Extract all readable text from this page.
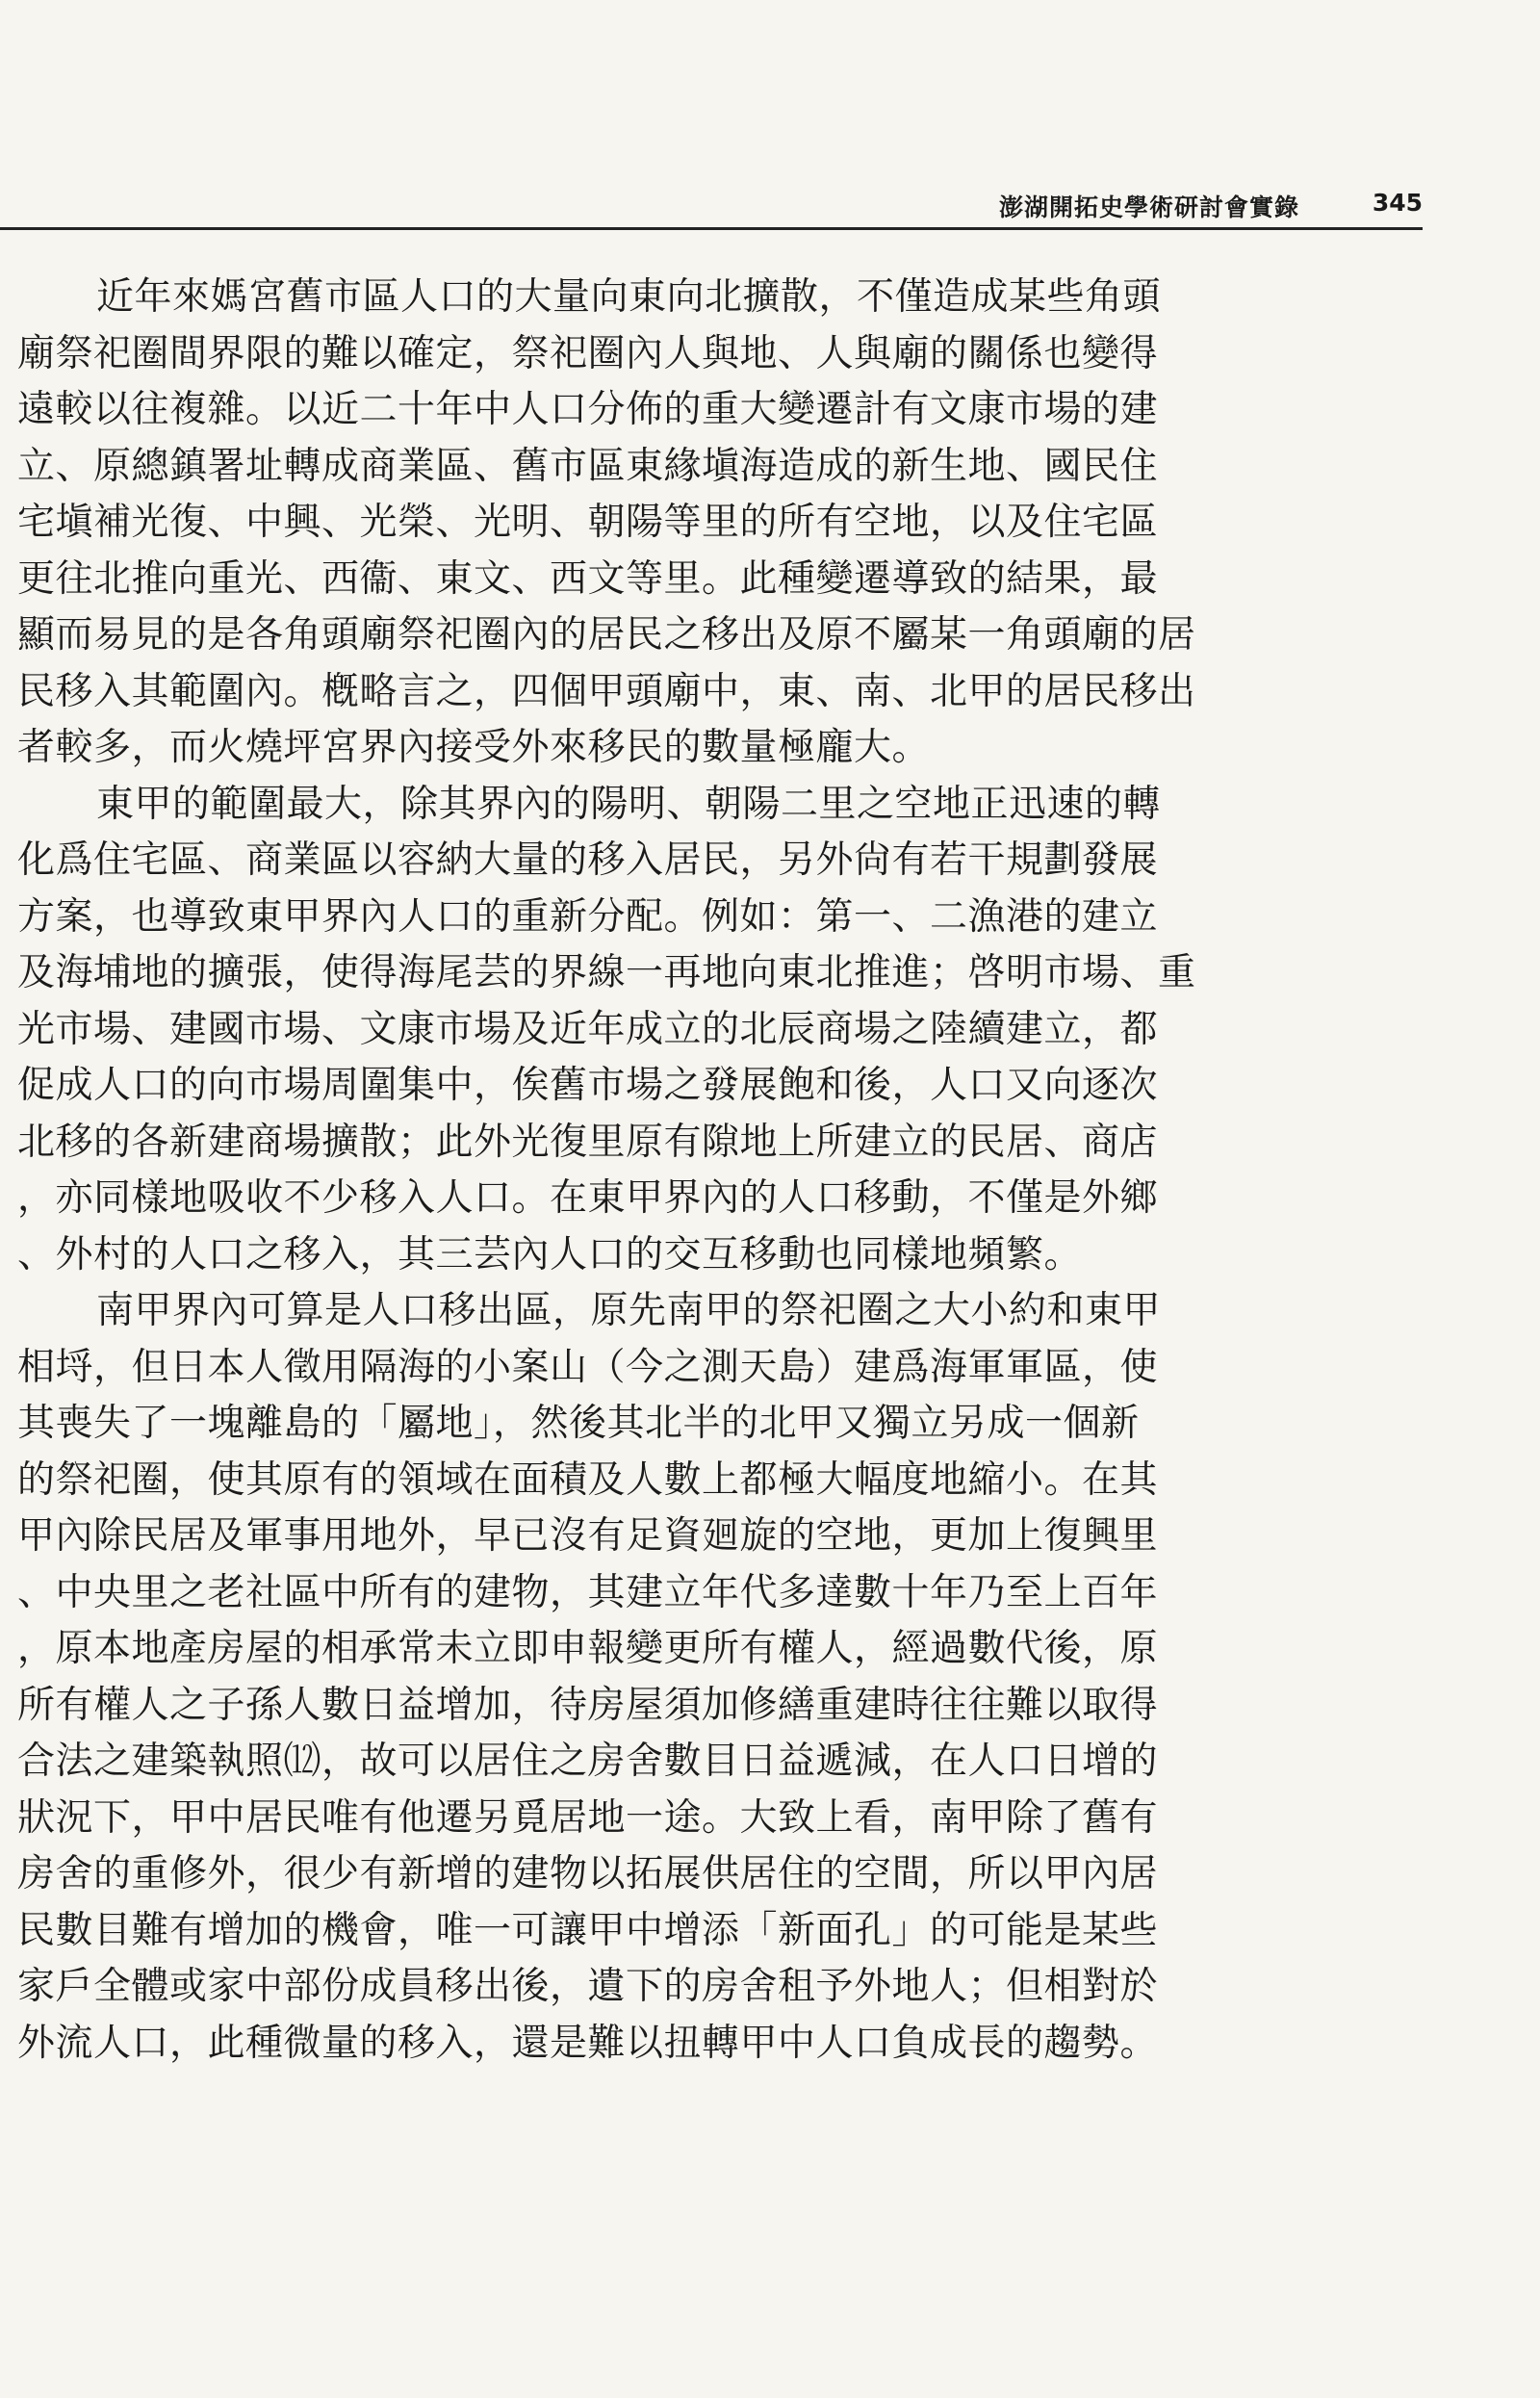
澎湖開拓史學術研討會實錄	345
近年來媽宮舊市區人口的大量向東向北擴散，不僅造成某些角頭
廟祭祀圈間界限的難以確定，祭祀圈內人與地、人與廟的關係也變得
遠較以往複雜。以近二十年中人口分佈的重大變遷計有文康市場的建
立、原總鎮署址轉成商業區、舊市區東緣塡海造成的新生地、國民住
宅塡補光復、中興、光榮、光明、朝陽等里的所有空地，以及住宅區
更往北推向重光、西衞、東文、西文等里。此種變遷導致的結果，最
顯而易見的是各角頭廟祭祀圈內的居民之移出及原不屬某一角頭廟的居
民移入其範圍內。槪略言之，四個甲頭廟中，東、南、北甲的居民移出
者較多，而火燒坪宮界內接受外來移民的數量極龐大。
東甲的範圍最大，除其界內的陽明、朝陽二里之空地正迅速的轉
化爲住宅區、商業區以容納大量的移入居民，另外尙有若干規劃發展
方案，也導致東甲界內人口的重新分配。例如：第一、二漁港的建立
及海埔地的擴張，使得海尾芸的界線一再地向東北推進；啓明市場、重
光市場、建國市場、文康市場及近年成立的北辰商場之陸續建立，都
促成人口的向市場周圍集中，俟舊市場之發展飽和後，人口又向逐次
北移的各新建商場擴散；此外光復里原有隙地上所建立的民居、商店
，亦同樣地吸收不少移入人口。在東甲界內的人口移動，不僅是外鄉
、外村的人口之移入，其三芸內人口的交互移動也同樣地頻繁。
南甲界內可算是人口移出區，原先南甲的祭祀圈之大小約和東甲
相埒，但日本人徵用隔海的小案山（今之測天島）建爲海軍軍區，使
其喪失了一塊離島的「屬地」，然後其北半的北甲又獨立另成一個新
的祭祀圈，使其原有的領域在面積及人數上都極大幅度地縮小。在其
甲內除民居及軍事用地外，早已沒有足資廻旋的空地，更加上復興里
、中央里之老社區中所有的建物，其建立年代多達數十年乃至上百年
，原本地產房屋的相承常未立即申報變更所有權人，經過數代後，原
所有權人之子孫人數日益增加，待房屋須加修繕重建時往往難以取得
合法之建築執照⑿，故可以居住之房舍數目日益遞減，在人口日增的
狀況下，甲中居民唯有他遷另覓居地一途。大致上看，南甲除了舊有
房舍的重修外，很少有新增的建物以拓展供居住的空間，所以甲內居
民數目難有增加的機會，唯一可讓甲中增添「新面孔」的可能是某些
家戶全體或家中部份成員移出後，遺下的房舍租予外地人；但相對於
外流人口，此種微量的移入，還是難以扭轉甲中人口負成長的趨勢。
